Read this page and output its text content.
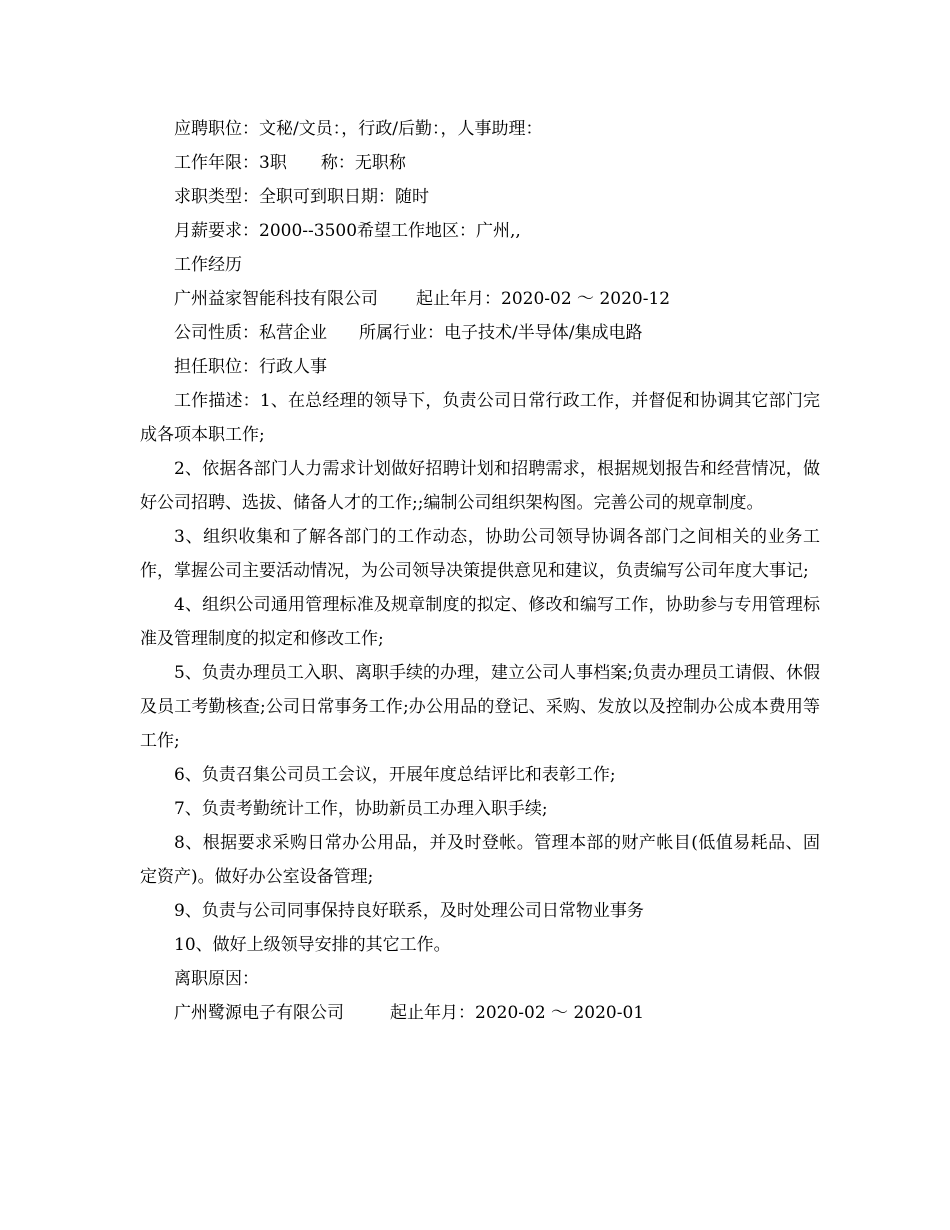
应聘职位：文秘/文员：，行政/后勤：，人事助理：

工作年限：3职 称：无职称

求职类型：全职可到职日期：随时

月薪要求：2000--3500希望工作地区：广州,,

工作经历

广州益家智能科技有限公司 起止年月：2020-02 ～ 2020-12

公司性质：私营企业 所属行业：电子技术/半导体/集成电路

担任职位：行政人事

工作描述：1、在总经理的领导下，负责公司日常行政工作，并督促和协调其它部门完成各项本职工作;

2、依据各部门人力需求计划做好招聘计划和招聘需求，根据规划报告和经营情况，做好公司招聘、选拔、储备人才的工作;;编制公司组织架构图。完善公司的规章制度。

3、组织收集和了解各部门的工作动态，协助公司领导协调各部门之间相关的业务工作，掌握公司主要活动情况，为公司领导决策提供意见和建议，负责编写公司年度大事记;

4、组织公司通用管理标准及规章制度的拟定、修改和编写工作，协助参与专用管理标准及管理制度的拟定和修改工作;

5、负责办理员工入职、离职手续的办理，建立公司人事档案;负责办理员工请假、休假及员工考勤核查;公司日常事务工作;办公用品的登记、采购、发放以及控制办公成本费用等工作;

6、负责召集公司员工会议，开展年度总结评比和表彰工作;

7、负责考勤统计工作，协助新员工办理入职手续;

8、根据要求采购日常办公用品，并及时登帐。管理本部的财产帐目(低值易耗品、固定资产)。做好办公室设备管理;

9、负责与公司同事保持良好联系，及时处理公司日常物业事务

10、做好上级领导安排的其它工作。

离职原因：

广州鹭源电子有限公司	起止年月：2020-02 ～ 2020-01
